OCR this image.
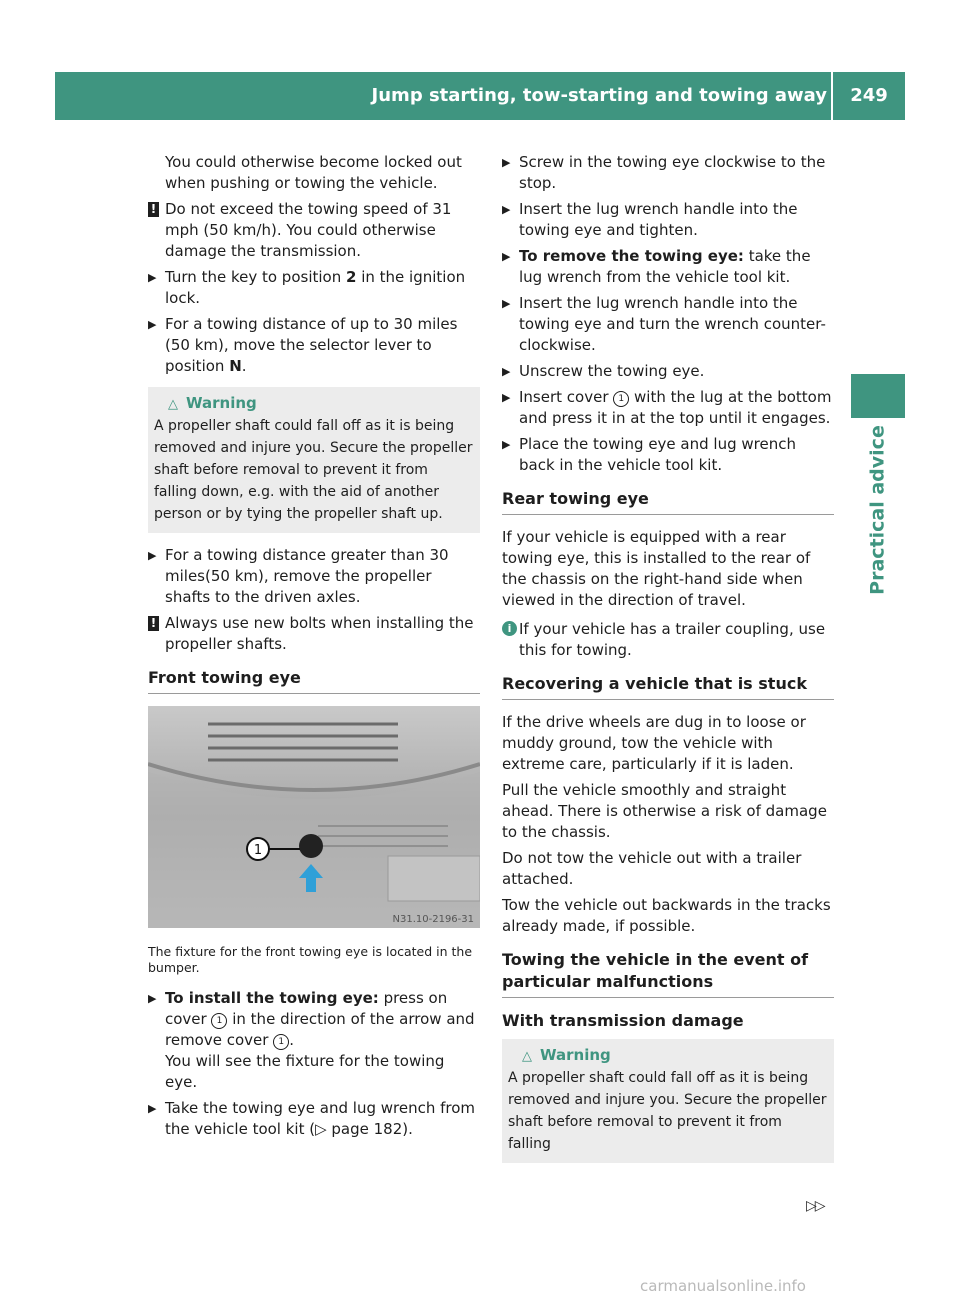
Jump starting, tow-starting and towing away	249
Practical advice

You could otherwise become locked out when pushing or towing the vehicle.

! Do not exceed the towing speed of 31 mph (50 km/h). You could otherwise damage the transmission.
▶ Turn the key to position 2 in the ignition lock.
▶ For a towing distance of up to 30 miles (50 km), move the selector lever to position N.
△ Warning
A propeller shaft could fall off as it is being removed and injure you. Secure the propeller shaft before removal to prevent it from falling down, e.g. with the aid of another person or by tying the propeller shaft up.
▶ For a towing distance greater than 30 miles(50 km), remove the propeller shafts to the driven axles.
! Always use new bolts when installing the propeller shafts.
Front towing eye
1
N31.10-2196-31

The fixture for the front towing eye is located in the bumper.

▶ To install the towing eye: press on cover 1 in the direction of the arrow and remove cover 1 .
You will see the fixture for the towing eye.
▶ Take the towing eye and lug wrench from the vehicle tool kit (▷ page 182).
▶ Screw in the towing eye clockwise to the stop.
▶ Insert the lug wrench handle into the towing eye and tighten.
▶ To remove the towing eye: take the lug wrench from the vehicle tool kit.
▶ Insert the lug wrench handle into the towing eye and turn the wrench counter-clockwise.
▶ Unscrew the towing eye.
▶ Insert cover 1 with the lug at the bottom and press it in at the top until it engages.
▶ Place the towing eye and lug wrench back in the vehicle tool kit.
Rear towing eye

If your vehicle is equipped with a rear towing eye, this is installed to the rear of the chassis on the right-hand side when viewed in the direction of travel.

i If your vehicle has a trailer coupling, use this for towing.
Recovering a vehicle that is stuck

If the drive wheels are dug in to loose or muddy ground, tow the vehicle with extreme care, particularly if it is laden.

Pull the vehicle smoothly and straight ahead. There is otherwise a risk of damage to the chassis.

Do not tow the vehicle out with a trailer attached.

Tow the vehicle out backwards in the tracks already made, if possible.

Towing the vehicle in the event of particular malfunctions
With transmission damage
△ Warning
A propeller shaft could fall off as it is being removed and injure you. Secure the propeller shaft before removal to prevent it from falling
▷▷
carmanualsonline.info
